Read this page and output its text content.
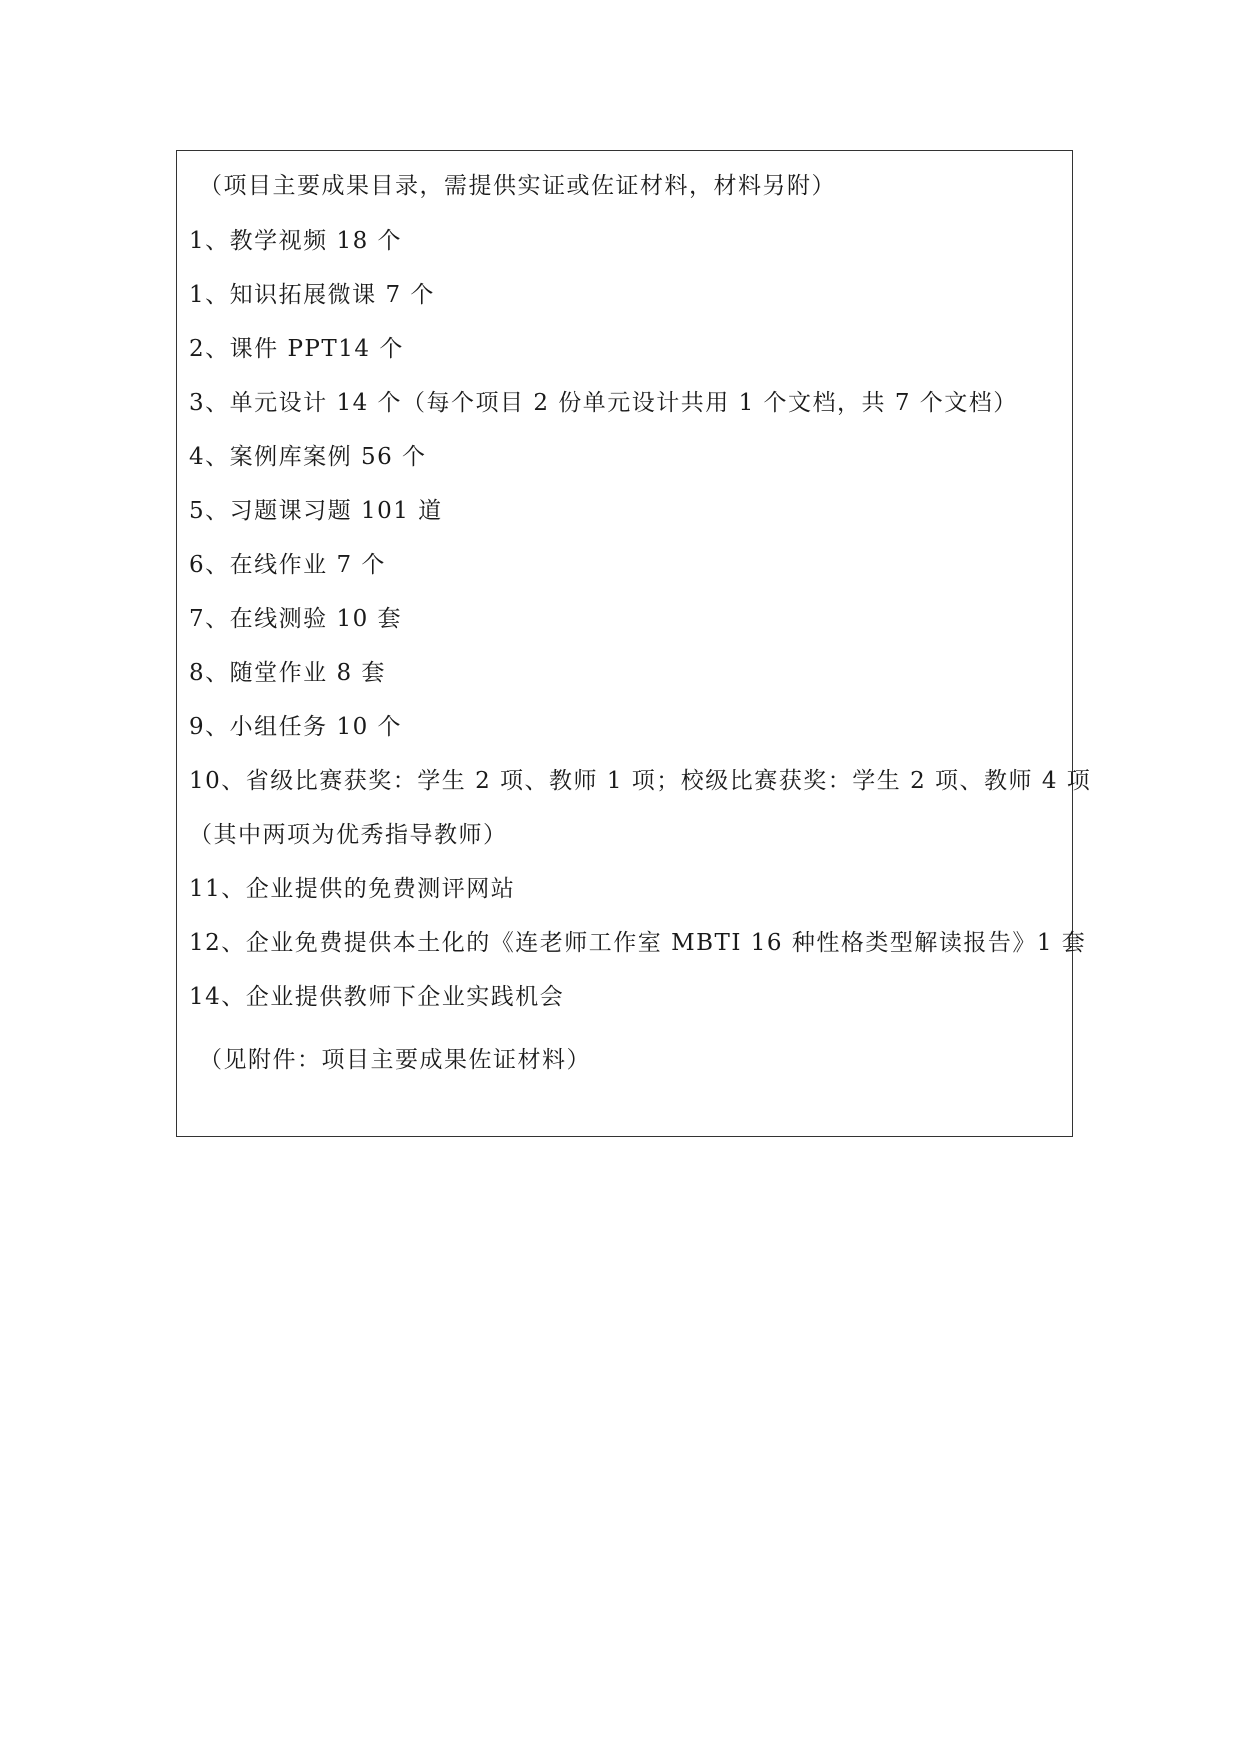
（项目主要成果目录，需提供实证或佐证材料，材料另附）
1、教学视频 18 个
1、知识拓展微课 7 个
2、课件 PPT14 个
3、单元设计 14 个（每个项目 2 份单元设计共用 1 个文档，共 7 个文档）
4、案例库案例 56 个
5、习题课习题 101 道
6、在线作业 7 个
7、在线测验 10 套
8、随堂作业 8 套
9、小组任务 10 个
10、省级比赛获奖：学生 2 项、教师 1 项；校级比赛获奖：学生 2 项、教师 4 项
（其中两项为优秀指导教师）
11、企业提供的免费测评网站
12、企业免费提供本土化的《连老师工作室 MBTI 16 种性格类型解读报告》1 套
14、企业提供教师下企业实践机会
（见附件：项目主要成果佐证材料）
